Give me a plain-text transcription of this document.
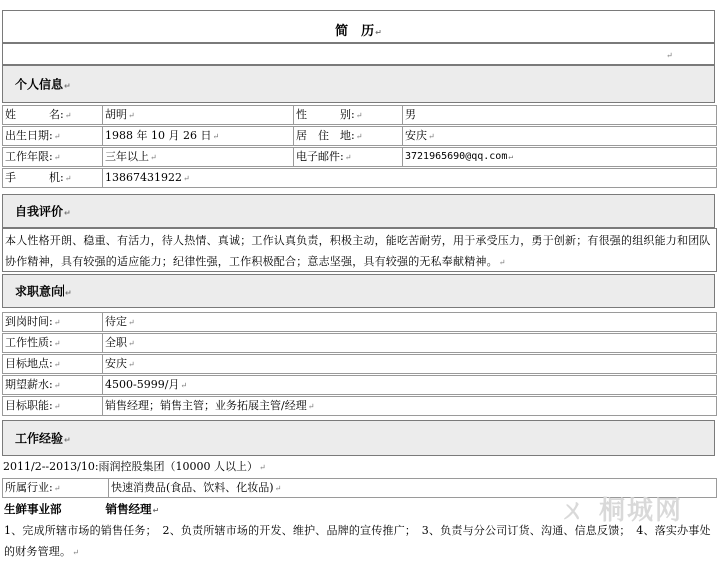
简　历↵
↵
个人信息↵
姓　　　名:↵	胡明↵	性　　　别:↵	男
出生日期:↵	1988 年 10 月 26 日↵	居　住　地:↵	安庆↵
工作年限:↵	三年以上↵	电子邮件:↵	3721965690@qq.com↵
手　　　机:↵	13867431922↵
自我评价↵
本人性格开朗、稳重、有活力，待人热情、真诚；工作认真负责，积极主动，能吃苦耐劳，用于承受压力，勇于创新；有很强的组织能力和团队协作精神，具有较强的适应能力；纪律性强，工作积极配合；意志坚强，具有较强的无私奉献精神。↵
求职意向 ↵
到岗时间:↵	待定↵
工作性质:↵	全职↵
目标地点:↵	安庆↵
期望薪水:↵	4500-5999/月↵
目标职能:↵	销售经理；销售主管；业务拓展主管/经理↵
工作经验↵
2011/2--2013/10:雨润控股集团（10000 人以上）↵
所属行业:↵	快速消费品(食品、饮料、化妆品)↵
生鲜事业部	销售经理↵
1、完成所辖市场的销售任务；　2、负责所辖市场的开发、维护、品牌的宣传推广；　3、负责与分公司订货、沟通、信息反馈；　4、落实办事处的财务管理。↵
ㄨ 桐城网
